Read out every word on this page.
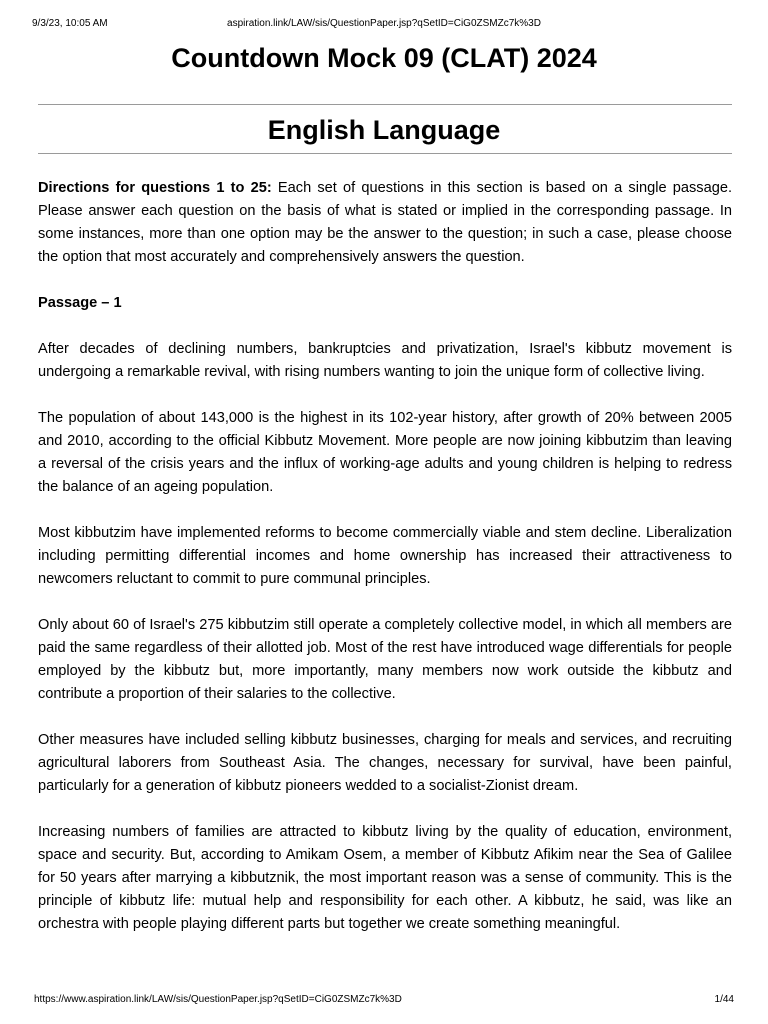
9/3/23, 10:05 AM	aspiration.link/LAW/sis/QuestionPaper.jsp?qSetID=CiG0ZSMZc7k%3D
Countdown Mock 09 (CLAT) 2024
English Language

Directions for questions 1 to 25: Each set of questions in this section is based on a single passage. Please answer each question on the basis of what is stated or implied in the corresponding passage. In some instances, more than one option may be the answer to the question; in such a case, please choose the option that most accurately and comprehensively answers the question.

Passage – 1

After decades of declining numbers, bankruptcies and privatization, Israel's kibbutz movement is undergoing a remarkable revival, with rising numbers wanting to join the unique form of collective living.

The population of about 143,000 is the highest in its 102-year history, after growth of 20% between 2005 and 2010, according to the official Kibbutz Movement. More people are now joining kibbutzim than leaving a reversal of the crisis years and the influx of working-age adults and young children is helping to redress the balance of an ageing population.

Most kibbutzim have implemented reforms to become commercially viable and stem decline. Liberalization including permitting differential incomes and home ownership has increased their attractiveness to newcomers reluctant to commit to pure communal principles.

Only about 60 of Israel's 275 kibbutzim still operate a completely collective model, in which all members are paid the same regardless of their allotted job. Most of the rest have introduced wage differentials for people employed by the kibbutz but, more importantly, many members now work outside the kibbutz and contribute a proportion of their salaries to the collective.

Other measures have included selling kibbutz businesses, charging for meals and services, and recruiting agricultural laborers from Southeast Asia. The changes, necessary for survival, have been painful, particularly for a generation of kibbutz pioneers wedded to a socialist-Zionist dream.

Increasing numbers of families are attracted to kibbutz living by the quality of education, environment, space and security. But, according to Amikam Osem, a member of Kibbutz Afikim near the Sea of Galilee for 50 years after marrying a kibbutznik, the most important reason was a sense of community. This is the principle of kibbutz life: mutual help and responsibility for each other. A kibbutz, he said, was like an orchestra with people playing different parts but together we create something meaningful.

https://www.aspiration.link/LAW/sis/QuestionPaper.jsp?qSetID=CiG0ZSMZc7k%3D	1/44
